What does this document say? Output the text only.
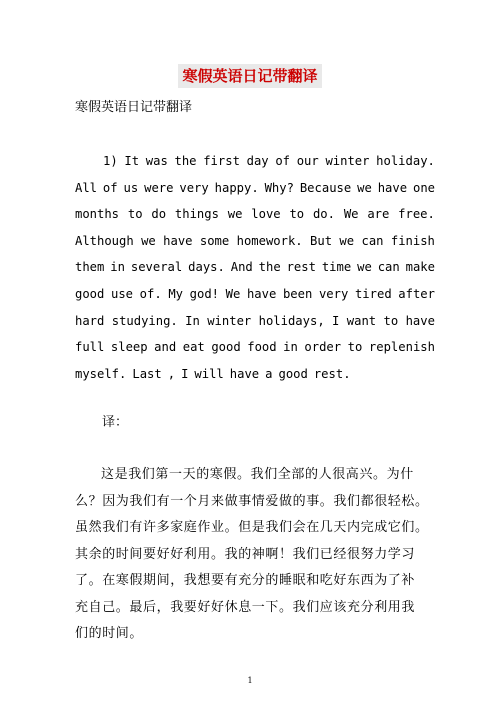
寒假英语日记带翻译
寒假英语日记带翻译
1) It was the first day of our winter holiday.
All of us were very happy. Why? Because we have one
months to do things we love to do. We are free.
Although we have some homework. But we can finish
them in several days. And the rest time we can make
good use of. My god! We have been very tired after
hard studying. In winter holidays, I want to have
full sleep and eat good food in order to replenish
myself. Last , I will have a good rest.
译：
这是我们第一天的寒假。我们全部的人很高兴。为什
么？因为我们有一个月来做事情爱做的事。我们都很轻松。
虽然我们有许多家庭作业。但是我们会在几天内完成它们。
其余的时间要好好利用。我的神啊！我们已经很努力学习
了。在寒假期间，我想要有充分的睡眠和吃好东西为了补
充自己。最后，我要好好休息一下。我们应该充分利用我
们的时间。
1
